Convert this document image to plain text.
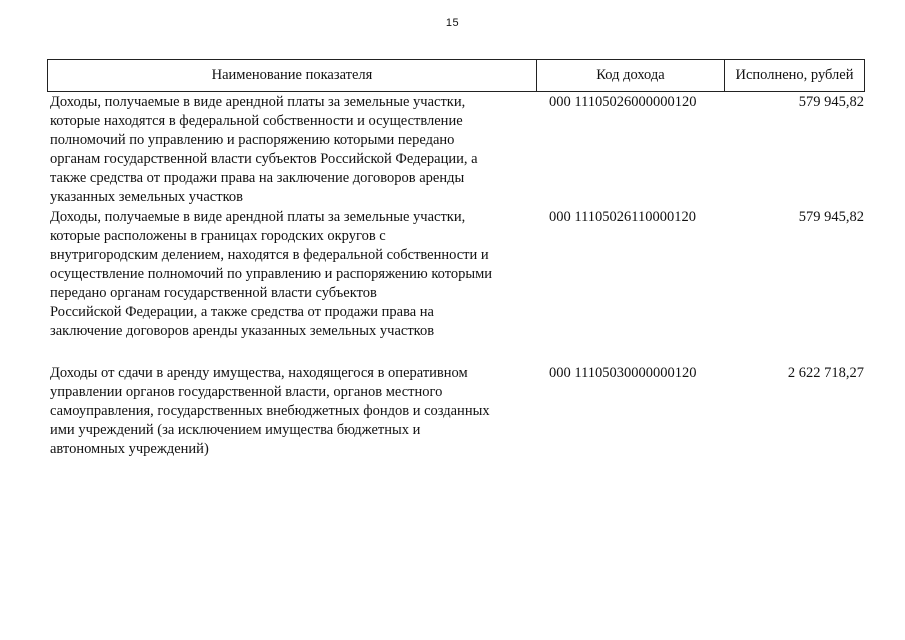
15
Наименование показателя	Код дохода	Исполнено, рублей
Доходы, получаемые в виде арендной платы за земельные участки,
которые находятся в федеральной собственности и осуществление
полномочий по управлению и распоряжению которыми передано
органам государственной власти субъектов Российской Федерации, а
также средства от продажи права на заключение договоров аренды
указанных земельных участков
000 11105026000000120	579 945,82
Доходы, получаемые в виде арендной платы за земельные участки,
которые расположены в границах городских округов с
внутригородским делением, находятся в федеральной собственности и
осуществление полномочий по управлению и распоряжению которыми
передано органам государственной власти субъектов
Российской Федерации, а также средства от продажи права на
заключение договоров аренды указанных земельных участков
000 11105026110000120	579 945,82
Доходы от сдачи в аренду имущества, находящегося в оперативном
управлении органов государственной власти, органов местного
самоуправления, государственных внебюджетных фондов и созданных
ими учреждений (за исключением имущества бюджетных и
автономных учреждений)
000 11105030000000120	2 622 718,27
